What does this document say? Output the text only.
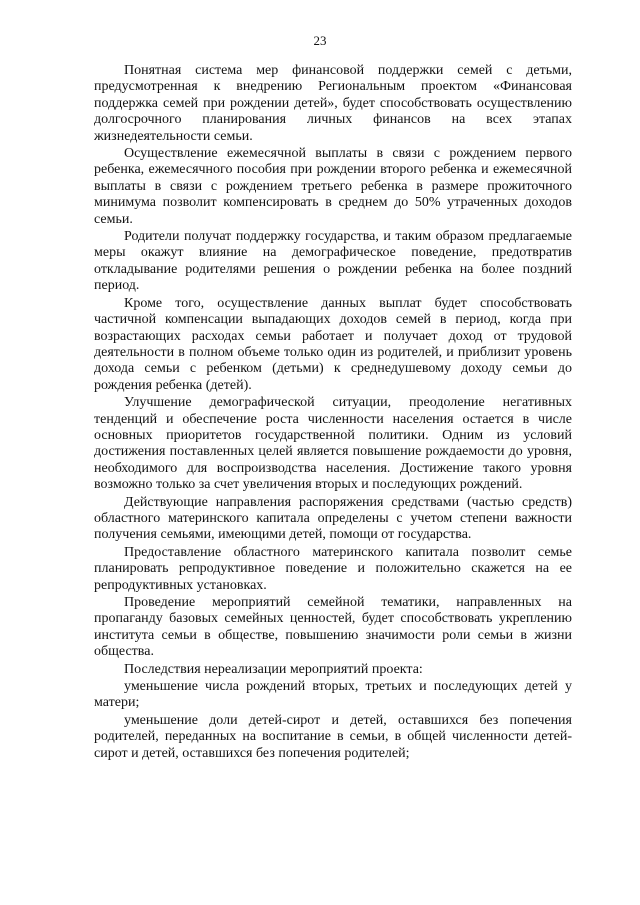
23

Понятная система мер финансовой поддержки семей с детьми, предусмотренная к внедрению Региональным проектом «Финансовая поддержка семей при рождении детей», будет способствовать осуществлению долгосрочного планирования личных финансов на всех этапах жизнедеятельности семьи.

Осуществление ежемесячной выплаты в связи с рождением первого ребенка, ежемесячного пособия при рождении второго ребенка и ежемесячной выплаты в связи с рождением третьего ребенка в размере прожиточного минимума позволит компенсировать в среднем до 50% утраченных доходов семьи.

Родители получат поддержку государства, и таким образом предлагаемые меры окажут влияние на демографическое поведение, предотвратив откладывание родителями решения о рождении ребенка на более поздний период.

Кроме того, осуществление данных выплат будет способствовать частичной компенсации выпадающих доходов семей в период, когда при возрастающих расходах семьи работает и получает доход от трудовой деятельности в полном объеме только один из родителей, и приблизит уровень дохода семьи с ребенком (детьми) к среднедушевому доходу семьи до рождения ребенка (детей).

Улучшение демографической ситуации, преодоление негативных тенденций и обеспечение роста численности населения остается в числе основных приоритетов государственной политики. Одним из условий достижения поставленных целей является повышение рождаемости до уровня, необходимого для воспроизводства населения. Достижение такого уровня возможно только за счет увеличения вторых и последующих рождений.

Действующие направления распоряжения средствами (частью средств) областного материнского капитала определены с учетом степени важности получения семьями, имеющими детей, помощи от государства.

Предоставление областного материнского капитала позволит семье планировать репродуктивное поведение и положительно скажется на ее репродуктивных установках.

Проведение мероприятий семейной тематики, направленных на пропаганду базовых семейных ценностей, будет способствовать укреплению института семьи в обществе, повышению значимости роли семьи в жизни общества.

Последствия нереализации мероприятий проекта:

уменьшение числа рождений вторых, третьих и последующих детей у матери;

уменьшение доли детей-сирот и детей, оставшихся без попечения родителей, переданных на воспитание в семьи, в общей численности детей-сирот и детей, оставшихся без попечения родителей;
